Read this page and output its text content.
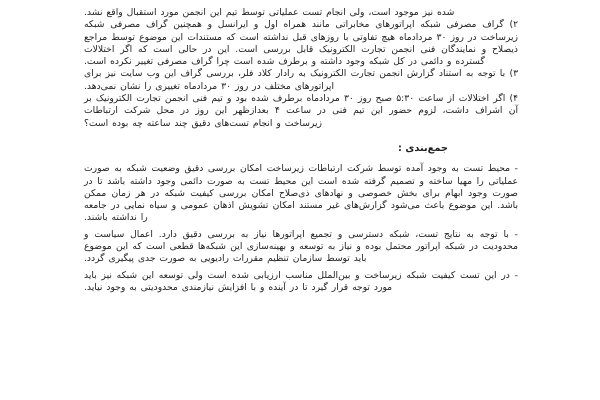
شده نیز موجود است، ولی انجام تست عملیاتی توسط تیم این انجمن مورد استقبال واقع نشد.

۲) گراف مصرفی شبکه اپراتورهای مخابراتی مانند همراه اول و ایرانسل و همچنین گراف مصرفی شبکه زیرساخت در روز ۳۰ مردادماه هیچ تفاوتی با روزهای قبل نداشته است که مستندات این موضوع توسط مراجع ذیصلاح و نمایندگان فنی انجمن تجارت الکترونیک قابل بررسی است. این در حالی است که اگر اختلالات گسترده و دائمی در کل شبکه وجود داشته و برطرف شده است چرا گراف مصرفی تغییر نکرده است.

۳) با توجه به استناد گزارش انجمن تجارت الکترونیک به رادار کلاد فلر، بررسی گراف این وب سایت نیز برای اپراتورهای مختلف در روز ۳۰ مردادماه تغییری را نشان نمی‌دهد.

۴) اگر اختلالات از ساعت ۵:۳۰ صبح روز ۳۰ مردادماه برطرف شده بود و تیم فنی انجمن تجارت الکترونیک بر آن اشراف داشت، لزوم حضور این تیم فنی در ساعت ۴ بعدازظهر این روز در محل شرکت ارتباطات زیرساخت و انجام تست‌های دقیق چند ساعته چه بوده است؟

جمع‌بندی :

- محیط تست به وجود آمده توسط شرکت ارتباطات زیرساخت امکان بررسی دقیق وضعیت شبکه به صورت عملیاتی را مهیا ساخته و تصمیم گرفته شده است این محیط تست به صورت دائمی وجود داشته باشد تا در صورت وجود ابهام برای بخش خصوصی و نهادهای ذی‌صلاح امکان بررسی کیفیت شبکه در هر زمان ممکن باشد. این موضوع باعث می‌شود گزارش‌های غیر مستند امکان تشویش اذهان عمومی و سیاه نمایی در جامعه را نداشته باشند.

- با توجه به نتایج تست، شبکه دسترسی و تجمیع اپراتورها نیاز به بررسی دقیق دارد. اعمال سیاست و محدودیت در شبکه اپراتور محتمل بوده و نیاز به توسعه و بهینه‌سازی این شبکه‌ها قطعی است که این موضوع باید توسط سازمان تنظیم مقررات رادیویی به صورت جدی پیگیری گردد.

- در این تست کیفیت شبکه زیرساخت و بین‌الملل مناسب ارزیابی شده است ولی توسعه این شبکه نیز باید مورد توجه قرار گیرد تا در آینده و با افزایش نیازمندی محدودیتی به وجود نیاید.
